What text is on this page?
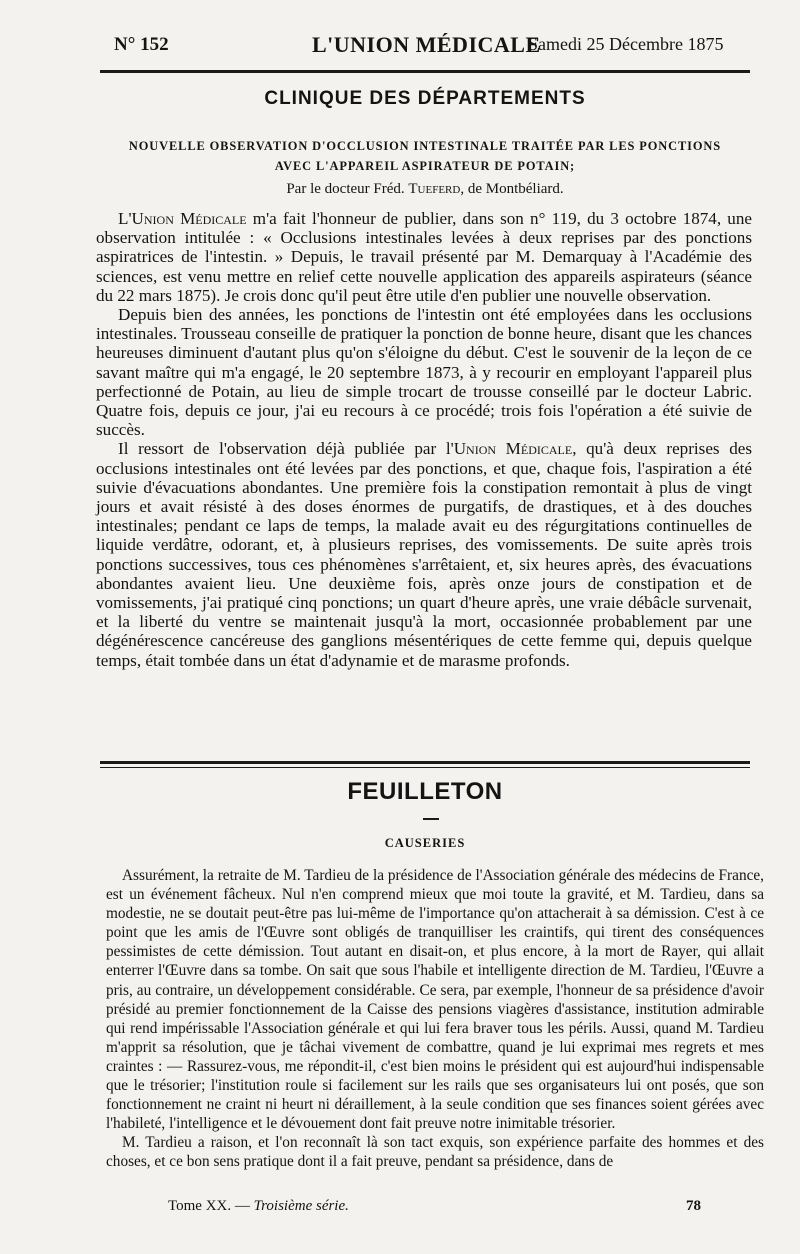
N° 152	L'UNION MÉDICALE
Samedi 25 Décembre 1875
CLINIQUE DES DÉPARTEMENTS
NOUVELLE OBSERVATION D'OCCLUSION INTESTINALE TRAITÉE PAR LES PONCTIONS
AVEC L'APPAREIL ASPIRATEUR DE POTAIN;
Par le docteur Fréd. Tueferd, de Montbéliard.

L'Union Médicale m'a fait l'honneur de publier, dans son n° 119, du 3 octobre 1874, une observation intitulée : « Occlusions intestinales levées à deux reprises par des ponctions aspiratrices de l'intestin. » Depuis, le travail présenté par M. Demarquay à l'Académie des sciences, est venu mettre en relief cette nouvelle application des appareils aspirateurs (séance du 22 mars 1875). Je crois donc qu'il peut être utile d'en publier une nouvelle observation.

Depuis bien des années, les ponctions de l'intestin ont été employées dans les occlusions intestinales. Trousseau conseille de pratiquer la ponction de bonne heure, disant que les chances heureuses diminuent d'autant plus qu'on s'éloigne du début. C'est le souvenir de la leçon de ce savant maître qui m'a engagé, le 20 septembre 1873, à y recourir en employant l'appareil plus perfectionné de Potain, au lieu de simple trocart de trousse conseillé par le docteur Labric. Quatre fois, depuis ce jour, j'ai eu recours à ce procédé; trois fois l'opération a été suivie de succès.

Il ressort de l'observation déjà publiée par l'Union Médicale, qu'à deux reprises des occlusions intestinales ont été levées par des ponctions, et que, chaque fois, l'aspiration a été suivie d'évacuations abondantes. Une première fois la constipation remontait à plus de vingt jours et avait résisté à des doses énormes de purgatifs, de drastiques, et à des douches intestinales; pendant ce laps de temps, la malade avait eu des régurgitations continuelles de liquide verdâtre, odorant, et, à plusieurs reprises, des vomissements. De suite après trois ponctions successives, tous ces phénomènes s'arrêtaient, et, six heures après, des évacuations abondantes avaient lieu. Une deuxième fois, après onze jours de constipation et de vomissements, j'ai pratiqué cinq ponctions; un quart d'heure après, une vraie débâcle survenait, et la liberté du ventre se maintenait jusqu'à la mort, occasionnée probablement par une dégénérescence cancéreuse des ganglions mésentériques de cette femme qui, depuis quelque temps, était tombée dans un état d'adynamie et de marasme profonds.

FEUILLETON
CAUSERIES

Assurément, la retraite de M. Tardieu de la présidence de l'Association générale des médecins de France, est un événement fâcheux. Nul n'en comprend mieux que moi toute la gravité, et M. Tardieu, dans sa modestie, ne se doutait peut-être pas lui-même de l'importance qu'on attacherait à sa démission. C'est à ce point que les amis de l'Œuvre sont obligés de tranquilliser les craintifs, qui tirent des conséquences pessimistes de cette démission. Tout autant en disait-on, et plus encore, à la mort de Rayer, qui allait enterrer l'Œuvre dans sa tombe. On sait que sous l'habile et intelligente direction de M. Tardieu, l'Œuvre a pris, au contraire, un développement considérable. Ce sera, par exemple, l'honneur de sa présidence d'avoir présidé au premier fonctionnement de la Caisse des pensions viagères d'assistance, institution admirable qui rend impérissable l'Association générale et qui lui fera braver tous les périls. Aussi, quand M. Tardieu m'apprit sa résolution, que je tâchai vivement de combattre, quand je lui exprimai mes regrets et mes craintes : — Rassurez-vous, me répondit-il, c'est bien moins le président qui est aujourd'hui indispensable que le trésorier; l'institution roule si facilement sur les rails que ses organisateurs lui ont posés, que son fonctionnement ne craint ni heurt ni déraillement, à la seule condition que ses finances soient gérées avec l'habileté, l'intelligence et le dévouement dont fait preuve notre inimitable trésorier.

M. Tardieu a raison, et l'on reconnaît là son tact exquis, son expérience parfaite des hommes et des choses, et ce bon sens pratique dont il a fait preuve, pendant sa présidence, dans de

Tome XX. — Troisième série.	78
